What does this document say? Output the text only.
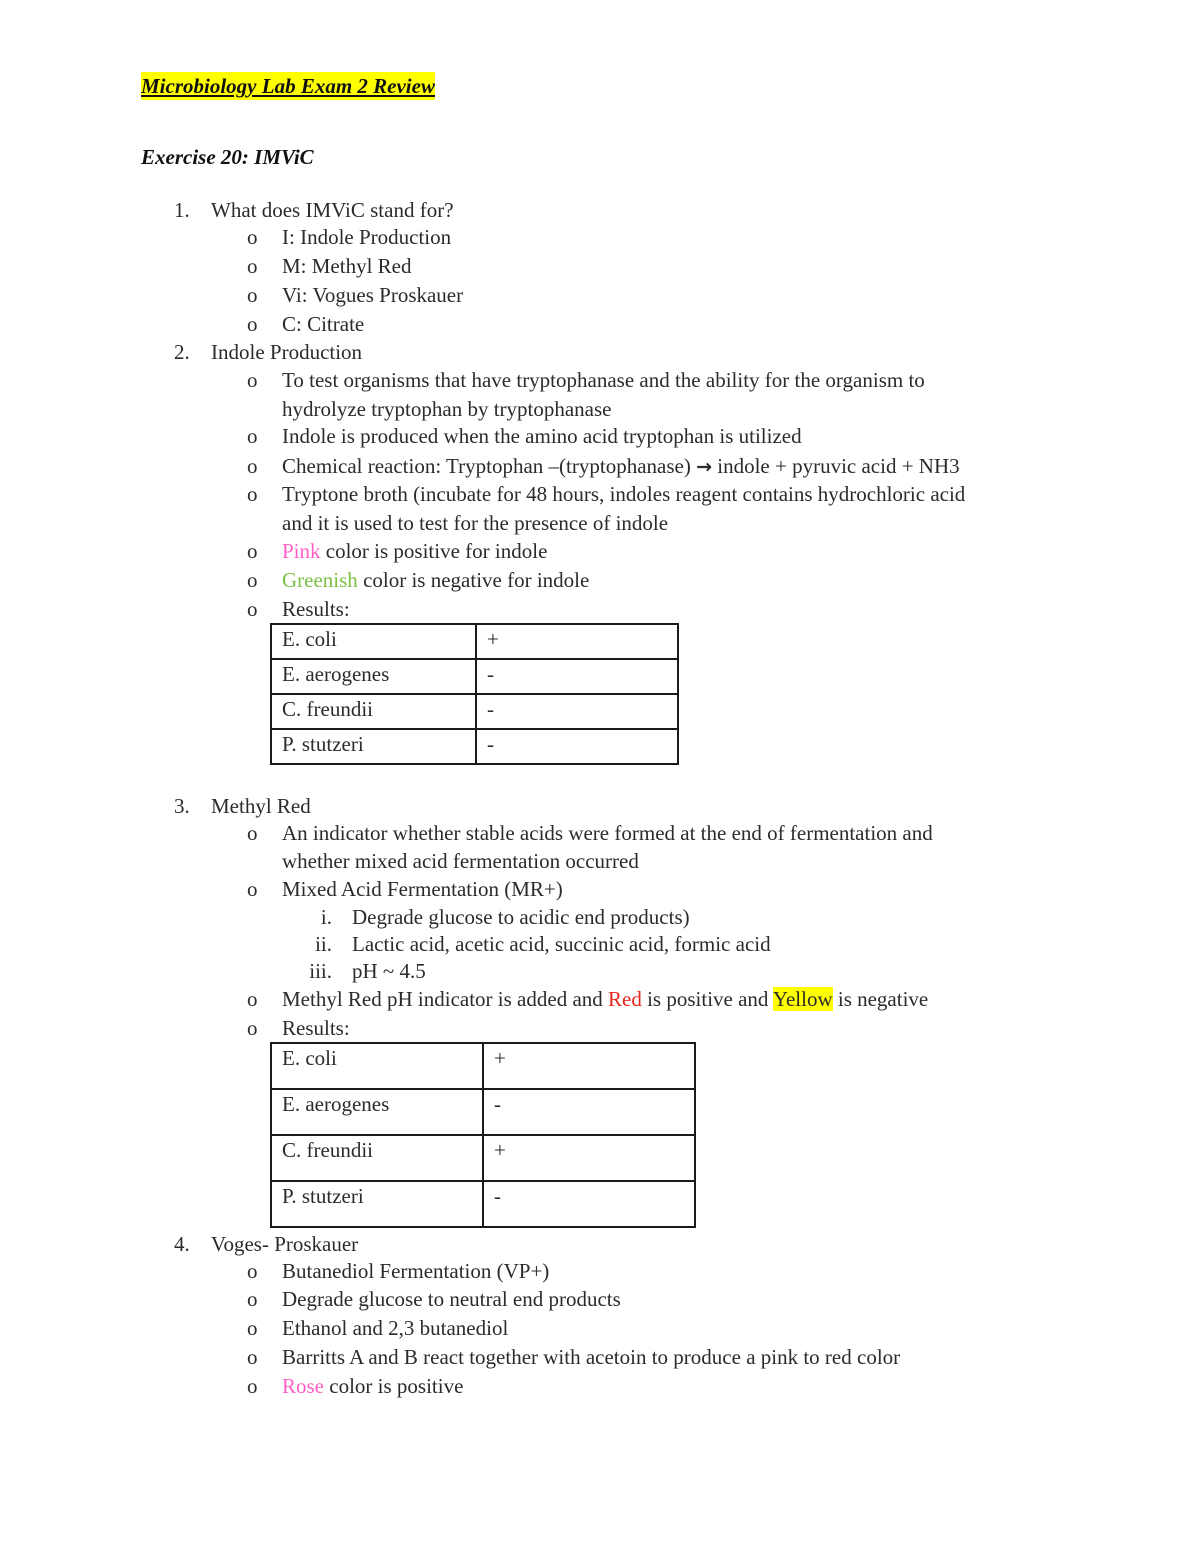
Microbiology Lab Exam 2 Review
Exercise 20: IMViC
1. What does IMViC stand for?
o I: Indole Production
o M: Methyl Red
o Vi: Vogues Proskauer
o C: Citrate
2. Indole Production
o To test organisms that have tryptophanase and the ability for the organism to
hydrolyze tryptophan by tryptophanase
o Indole is produced when the amino acid tryptophan is utilized
o Chemical reaction: Tryptophan –(tryptophanase) → indole + pyruvic acid + NH3
o Tryptone broth (incubate for 48 hours, indoles reagent contains hydrochloric acid
and it is used to test for the presence of indole
o Pink color is positive for indole
o Greenish color is negative for indole
o Results:
E. coli	+
E. aerogenes	-
C. freundii	-
P. stutzeri	-
3. Methyl Red
o An indicator whether stable acids were formed at the end of fermentation and
whether mixed acid fermentation occurred
o Mixed Acid Fermentation (MR+)
i. Degrade glucose to acidic end products)
ii. Lactic acid, acetic acid, succinic acid, formic acid
iii. pH ~ 4.5
o Methyl Red pH indicator is added and Red is positive and Yellow is negative
o Results:
E. coli	+
E. aerogenes	-
C. freundii	+
P. stutzeri	-
4. Voges- Proskauer
o Butanediol Fermentation (VP+)
o Degrade glucose to neutral end products
o Ethanol and 2,3 butanediol
o Barritts A and B react together with acetoin to produce a pink to red color
o Rose color is positive
